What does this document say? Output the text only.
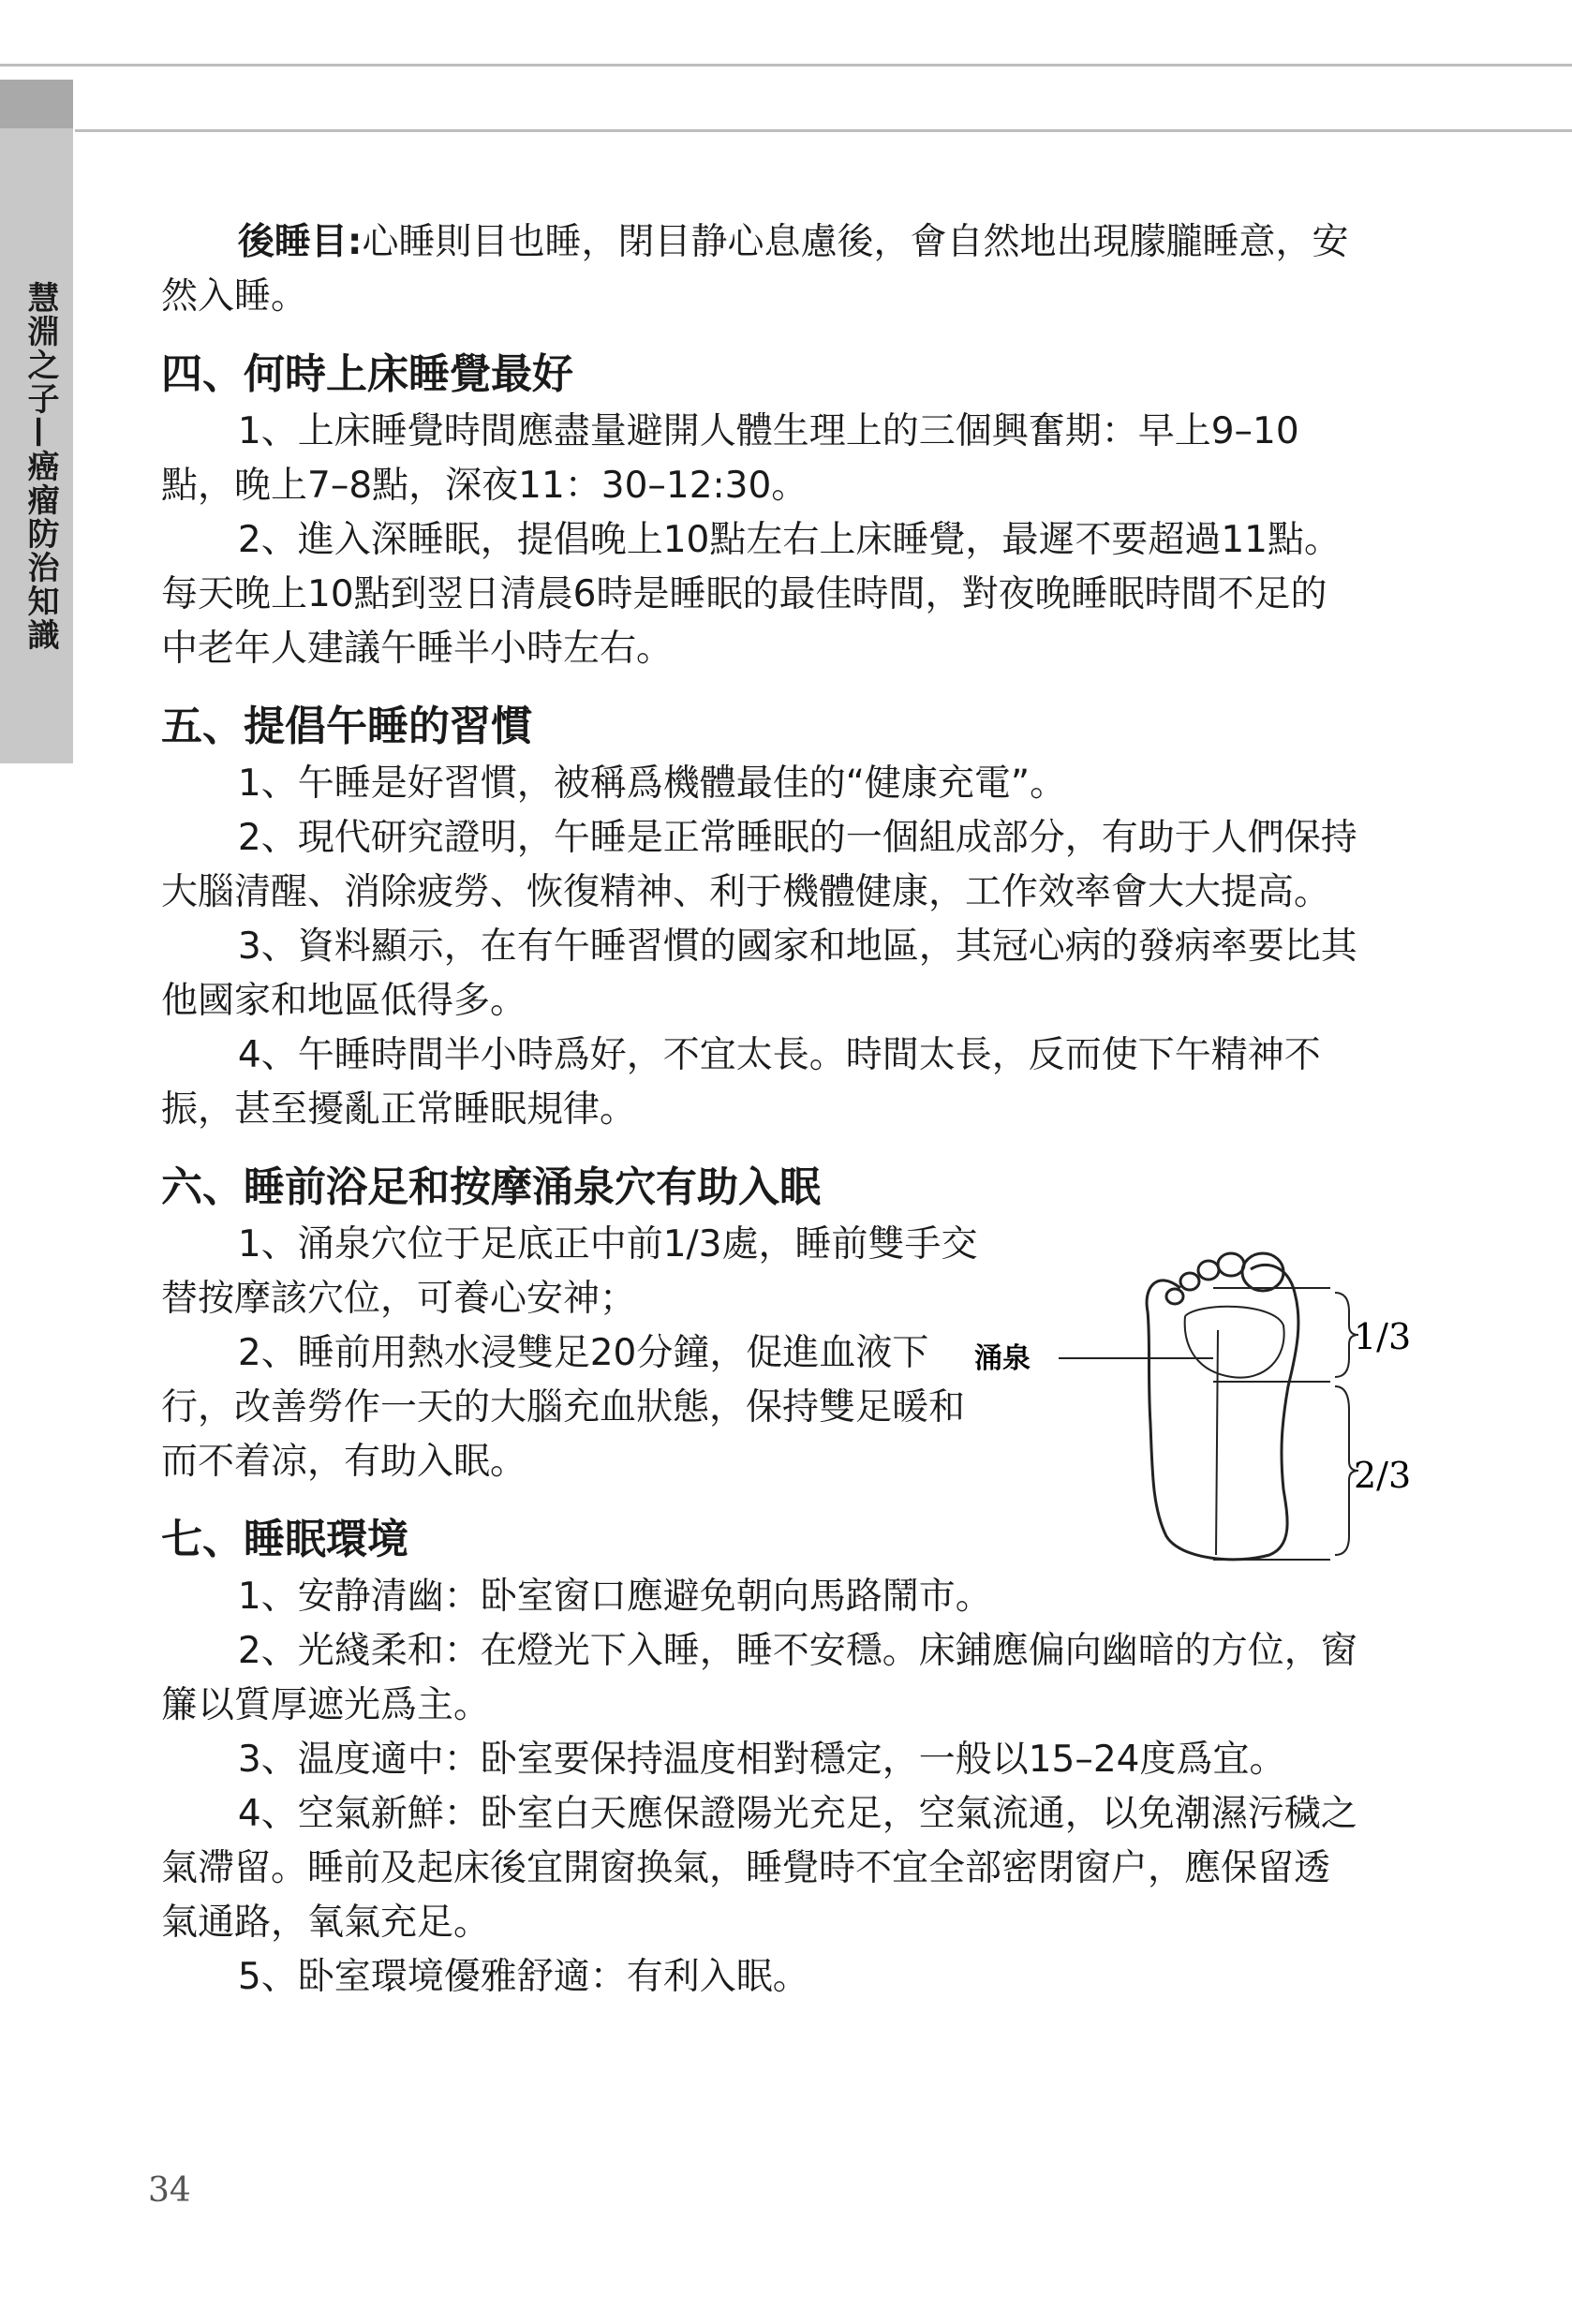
慧淵之子—癌瘤防治知識

後睡目:心睡則目也睡，閉目静心息慮後，會自然地出現朦朧睡意，安然入睡。

四、何時上床睡覺最好

1、上床睡覺時間應盡量避開人體生理上的三個興奮期：早上9–10點，晚上7–8點，深夜11：30–12:30。

2、進入深睡眠，提倡晚上10點左右上床睡覺，最遲不要超過11點。每天晚上10點到翌日清晨6時是睡眠的最佳時間，對夜晚睡眠時間不足的中老年人建議午睡半小時左右。

五、提倡午睡的習慣

1、午睡是好習慣，被稱爲機體最佳的“健康充電”。

2、現代研究證明，午睡是正常睡眠的一個組成部分，有助于人們保持大腦清醒、消除疲勞、恢復精神、利于機體健康，工作效率會大大提高。

3、資料顯示，在有午睡習慣的國家和地區，其冠心病的發病率要比其他國家和地區低得多。

4、午睡時間半小時爲好，不宜太長。時間太長，反而使下午精神不振，甚至擾亂正常睡眠規律。

六、睡前浴足和按摩涌泉穴有助入眠

1、涌泉穴位于足底正中前1/3處，睡前雙手交替按摩該穴位，可養心安神；

2、睡前用熱水浸雙足20分鐘，促進血液下行，改善勞作一天的大腦充血狀態，保持雙足暖和而不着凉，有助入眠。

七、睡眠環境

1、安静清幽：卧室窗口應避免朝向馬路鬧市。

2、光綫柔和：在燈光下入睡，睡不安穩。床鋪應偏向幽暗的方位，窗簾以質厚遮光爲主。

3、温度適中：卧室要保持温度相對穩定，一般以15–24度爲宜。

4、空氣新鮮：卧室白天應保證陽光充足，空氣流通，以免潮濕污穢之氣滯留。睡前及起床後宜開窗换氣，睡覺時不宜全部密閉窗户，應保留透氣通路，氧氣充足。

5、卧室環境優雅舒適：有利入眠。

涌泉
1/3
2/3
34
